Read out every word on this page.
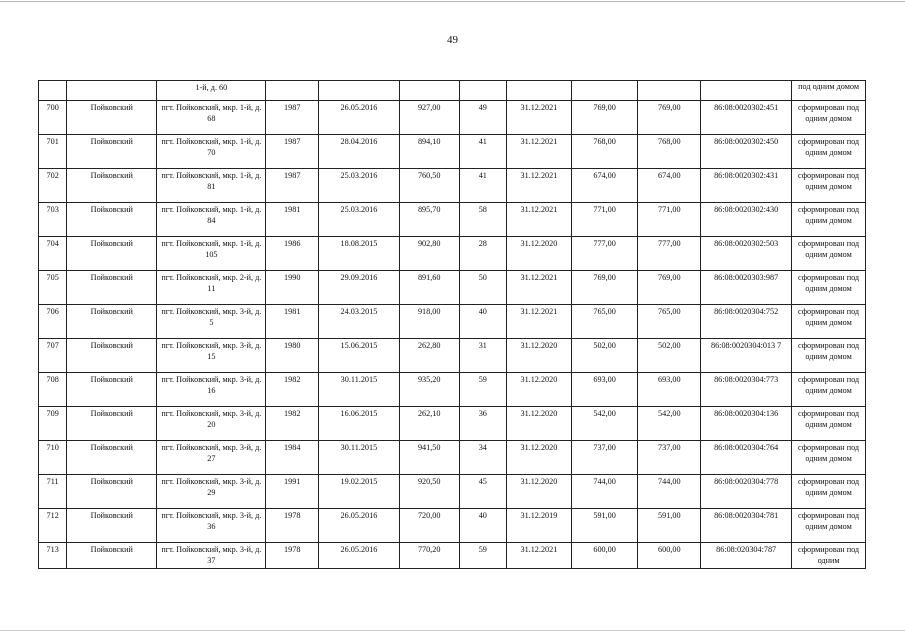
49
		1-й, д. 60									под одним домом
700	Пойковский	пгт. Пойковский, мкр. 1-й, д. 68	1987	26.05.2016	927,00	49	31.12.2021	769,00	769,00	86:08:0020302:451	сформирован под одним домом
701	Пойковский	пгт. Пойковский, мкр. 1-й, д. 70	1987	28.04.2016	894,10	41	31.12.2021	768,00	768,00	86:08:0020302:450	сформирован под одним домом
702	Пойковский	пгт. Пойковский, мкр. 1-й, д. 81	1987	25.03.2016	760,50	41	31.12.2021	674,00	674,00	86:08:0020302:431	сформирован под одним домом
703	Пойковский	пгт. Пойковский, мкр. 1-й, д. 84	1981	25.03.2016	895,70	58	31.12.2021	771,00	771,00	86:08:0020302:430	сформирован под одним домом
704	Пойковский	пгт. Пойковский, мкр. 1-й, д. 105	1986	18.08.2015	902,80	28	31.12.2020	777,00	777,00	86:08:0020302:503	сформирован под одним домом
705	Пойковский	пгт. Пойковский, мкр. 2-й, д. 11	1990	29.09.2016	891,60	50	31.12.2021	769,00	769,00	86:08:0020303:987	сформирован под одним домом
706	Пойковский	пгт. Пойковский, мкр. 3-й, д. 5	1981	24.03.2015	918,00	40	31.12.2021	765,00	765,00	86:08:0020304:752	сформирован под одним домом
707	Пойковский	пгт. Пойковский, мкр. 3-й, д. 15	1980	15.06.2015	262,80	31	31.12.2020	502,00	502,00	86:08:0020304:013 7	сформирован под одним домом
708	Пойковский	пгт. Пойковский, мкр. 3-й, д. 16	1982	30.11.2015	935,20	59	31.12.2020	693,00	693,00	86:08:0020304:773	сформирован под одним домом
709	Пойковский	пгт. Пойковский, мкр. 3-й, д. 20	1982	16.06.2015	262,10	36	31.12.2020	542,00	542,00	86:08:0020304:136	сформирован под одним домом
710	Пойковский	пгт. Пойковский, мкр. 3-й, д. 27	1984	30.11.2015	941,50	34	31.12.2020	737,00	737,00	86:08:0020304:764	сформирован под одним домом
711	Пойковский	пгт. Пойковский, мкр. 3-й, д. 29	1991	19.02.2015	920,50	45	31.12.2020	744,00	744,00	86:08:0020304:778	сформирован под одним домом
712	Пойковский	пгт. Пойковский, мкр. 3-й, д. 36	1978	26.05.2016	720,00	40	31.12.2019	591,00	591,00	86:08:0020304:781	сформирован под одним домом
713	Пойковский	пгт. Пойковский, мкр. 3-й, д. 37	1978	26.05.2016	770,20	59	31.12.2021	600,00	600,00	86:08:020304:787	сформирован под одним
